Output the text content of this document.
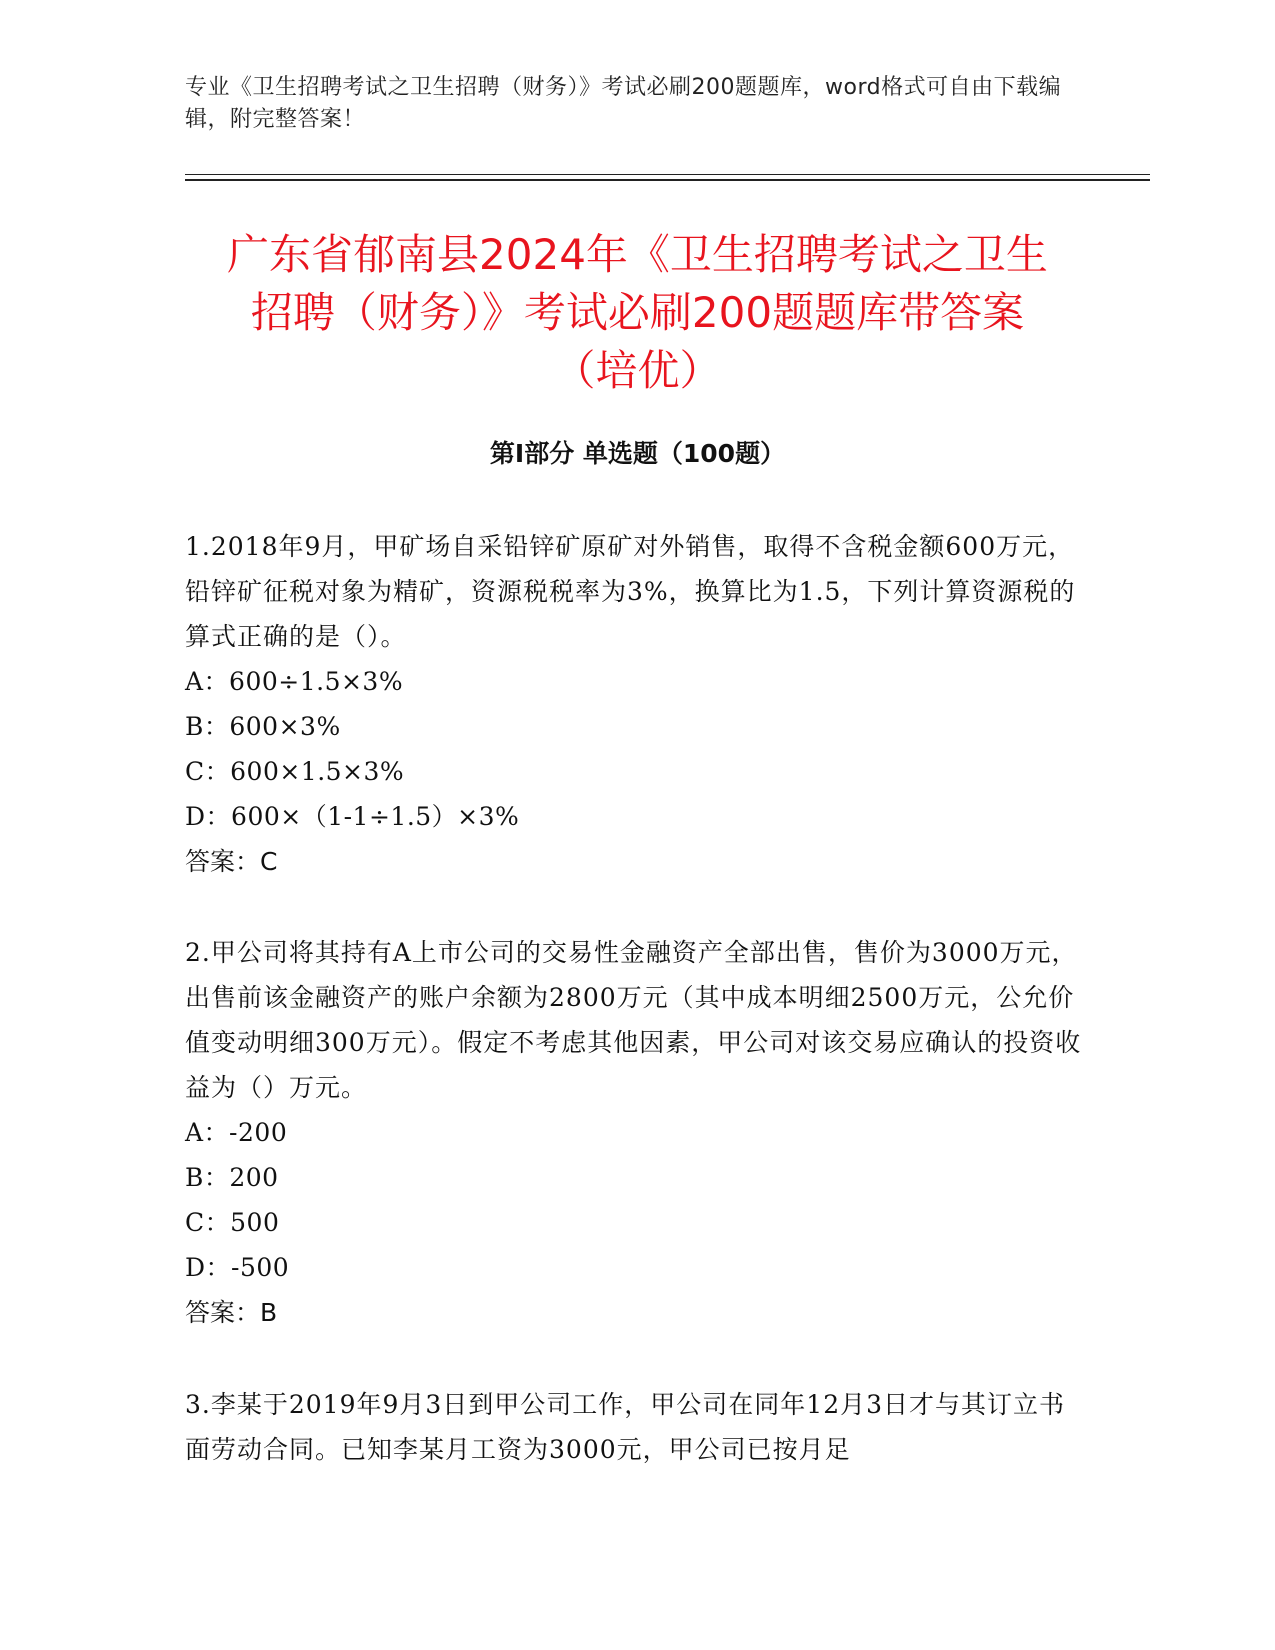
专业《卫生招聘考试之卫生招聘（财务）》考试必刷200题题库，word格式可自由下载编辑，附完整答案！
广东省郁南县2024年《卫生招聘考试之卫生
招聘（财务）》考试必刷200题题库带答案
（培优）
第Ⅰ部分 单选题（100题）

1.2018年9月，甲矿场自采铅锌矿原矿对外销售，取得不含税金额600万元，铅锌矿征税对象为精矿，资源税税率为3%，换算比为1.5，下列计算资源税的算式正确的是（）。

A：600÷1.5×3%

B：600×3%

C：600×1.5×3%

D：600×（1-1÷1.5）×3%

答案：C

2.甲公司将其持有A上市公司的交易性金融资产全部出售，售价为3000万元，出售前该金融资产的账户余额为2800万元（其中成本明细2500万元，公允价值变动明细300万元）。假定不考虑其他因素，甲公司对该交易应确认的投资收益为（）万元。

A：-200

B：200

C：500

D：-500

答案：B

3.李某于2019年9月3日到甲公司工作，甲公司在同年12月3日才与其订立书面劳动合同。已知李某月工资为3000元，甲公司已按月足
